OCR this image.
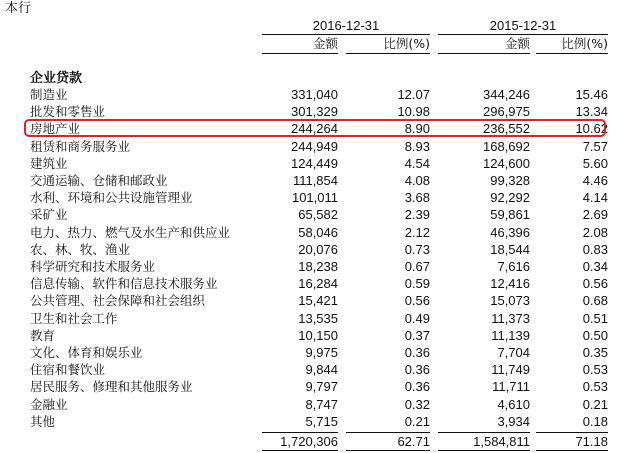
本行
2016-12-31	2015-12-31
金额	比例(%)	金额	比例(%)
企业贷款
制造业	331,040	12.07	344,246	15.46
批发和零售业	301,329	10.98	296,975	13.34
房地产业	244,264	8.90	236,552	10.62
租赁和商务服务业	244,949	8.93	168,692	7.57
建筑业	124,449	4.54	124,600	5.60
交通运输、仓储和邮政业	111,854	4.08	99,328	4.46
水利、环境和公共设施管理业	101,011	3.68	92,292	4.14
采矿业	65,582	2.39	59,861	2.69
电力、热力、燃气及水生产和供应业	58,046	2.12	46,396	2.08
农、林、牧、渔业	20,076	0.73	18,544	0.83
科学研究和技术服务业	18,238	0.67	7,616	0.34
信息传输、软件和信息技术服务业	16,284	0.59	12,416	0.56
公共管理、社会保障和社会组织	15,421	0.56	15,073	0.68
卫生和社会工作	13,535	0.49	11,373	0.51
教育	10,150	0.37	11,139	0.50
文化、体育和娱乐业	9,975	0.36	7,704	0.35
住宿和餐饮业	9,844	0.36	11,749	0.53
居民服务、修理和其他服务业	9,797	0.36	11,711	0.53
金融业	8,747	0.32	4,610	0.21
其他	5,715	0.21	3,934	0.18
1,720,306	62.71	1,584,811	71.18
